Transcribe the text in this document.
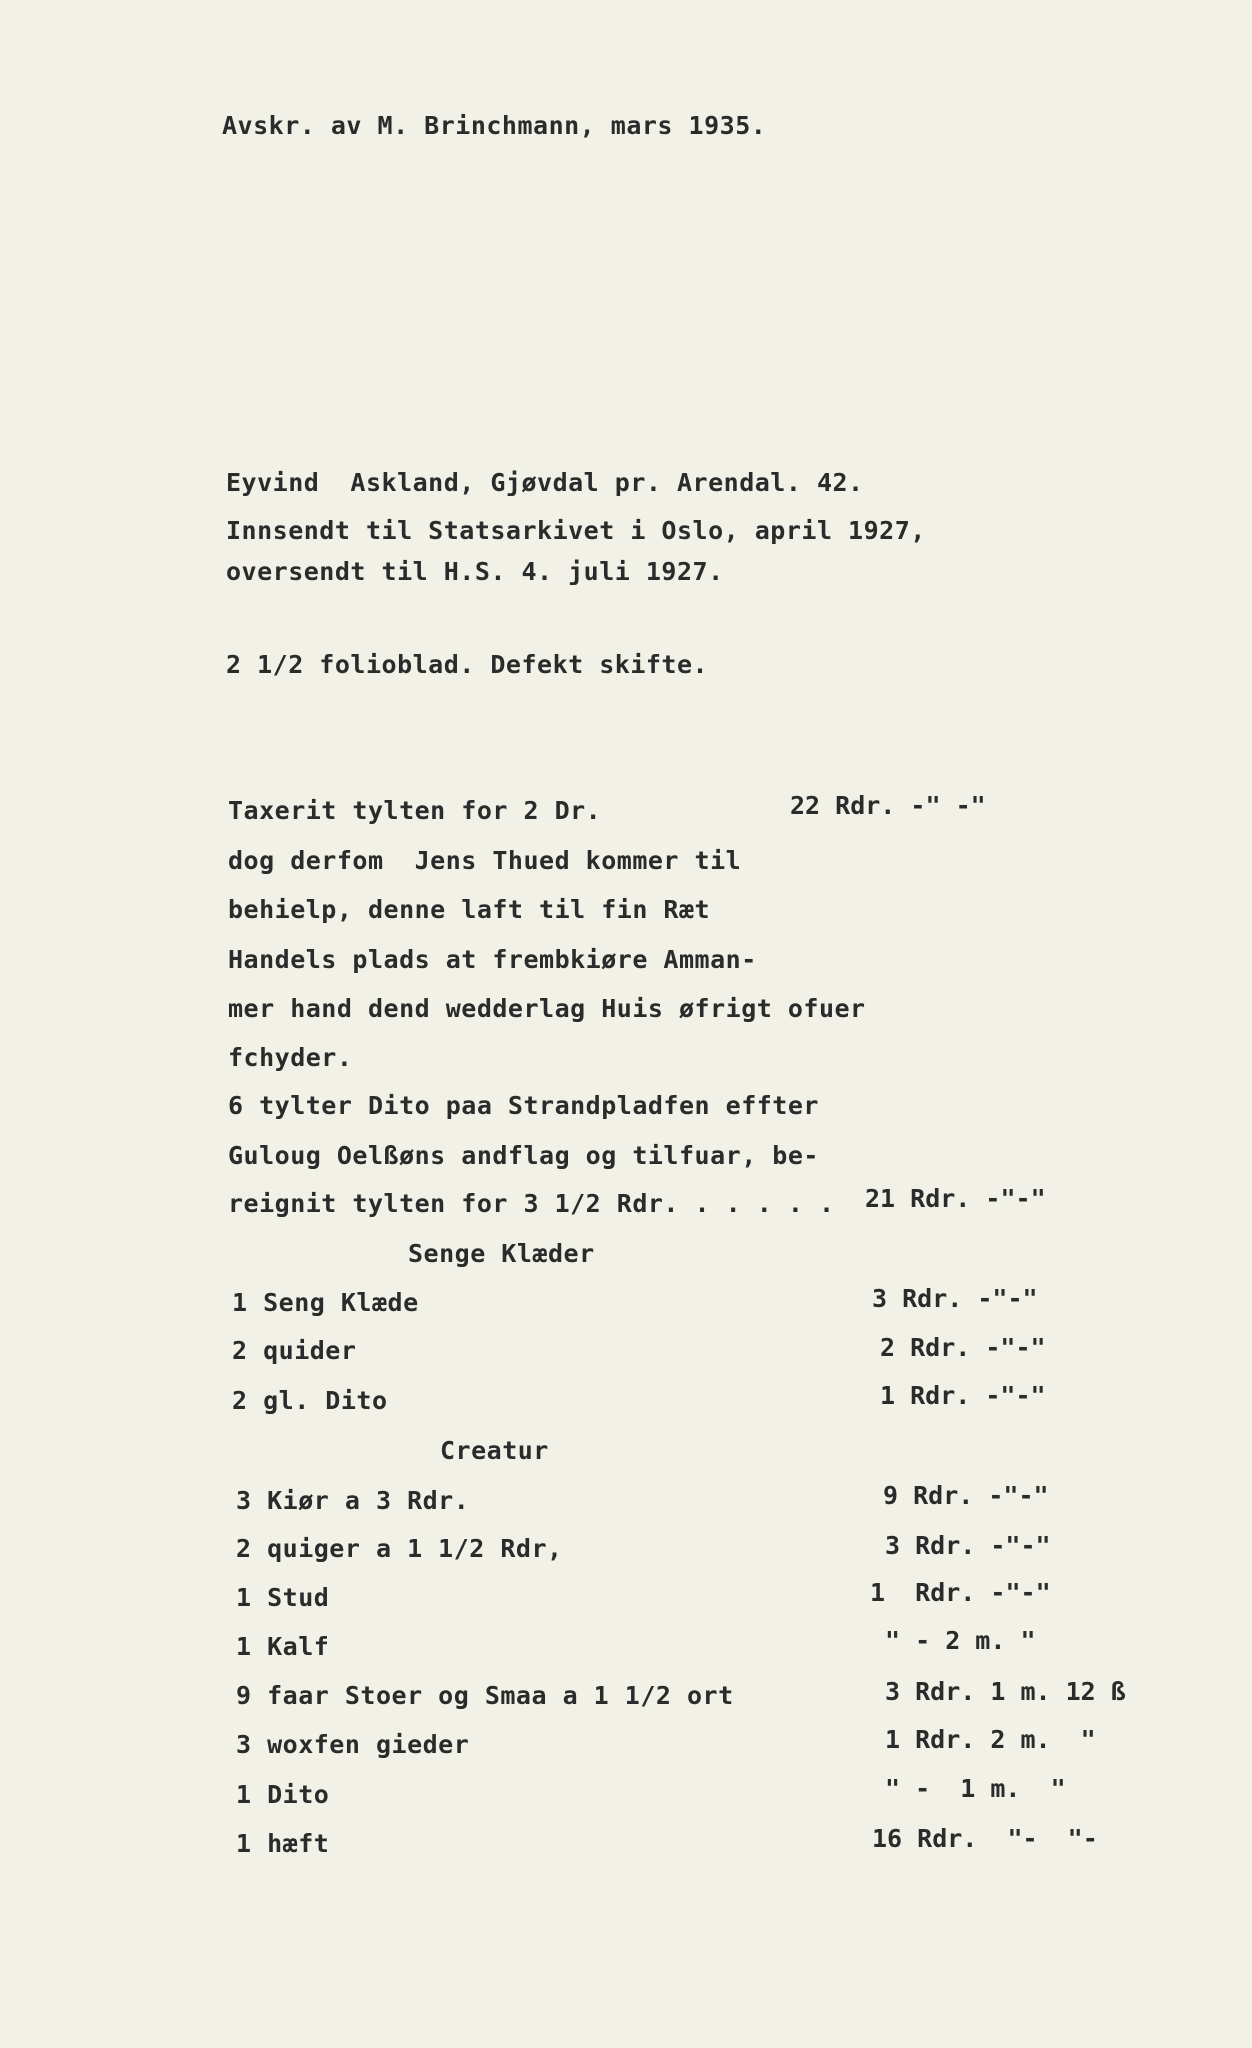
Avskr. av M. Brinchmann, mars 1935.
Eyvind  Askland, Gjøvdal pr. Arendal. 42.
Innsendt til Statsarkivet i Oslo, april 1927,
oversendt til H.S. 4. juli 1927.
2 1/2 folioblad. Defekt skifte.
Taxerit tylten for 2 Dr.	22 Rdr. -" -"
dog derfom  Jens Thued kommer til
behielp, denne laft til fin Ræt
Handels plads at frembkiøre Amman-
mer hand dend wedderlag Huis øfrigt ofuer
fchyder.
6 tylter Dito paa Strandpladfen effter
Guloug Oelßøns andflag og tilfuar, be-
reignit tylten for 3 1/2 Rdr. . . . . . 21 Rdr. -"-"
Senge Klæder
1 Seng Klæde	3 Rdr. -"-"
2 quider	2 Rdr. -"-"
2 gl. Dito	1 Rdr. -"-"
Creatur
3 Kiør a 3 Rdr.	9 Rdr. -"-"
2 quiger a 1 1/2 Rdr,	3 Rdr. -"-"
1 Stud	1  Rdr. -"-"
1 Kalf	" - 2 m. "
9 faar Stoer og Smaa a 1 1/2 ort	3 Rdr. 1 m. 12 ß
3 woxfen gieder	1 Rdr. 2 m.  "
1 Dito	" -  1 m.  "
1 hæft	16 Rdr.  "-  "-
